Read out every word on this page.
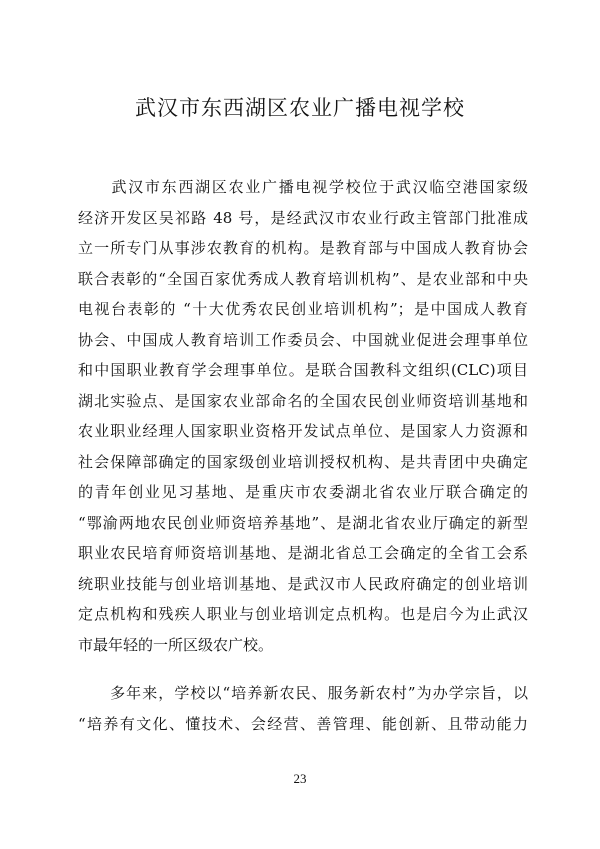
武汉市东西湖区农业广播电视学校
　　武汉市东西湖区农业广播电视学校位于武汉临空港国家级
经济开发区吴祁路 48 号，是经武汉市农业行政主管部门批准成
立一所专门从事涉农教育的机构。是教育部与中国成人教育协会
联合表彰的“全国百家优秀成人教育培训机构”、是农业部和中央
电视台表彰的 “十大优秀农民创业培训机构”；是中国成人教育
协会、中国成人教育培训工作委员会、中国就业促进会理事单位
和中国职业教育学会理事单位。是联合国教科文组织(CLC)项目
湖北实验点、是国家农业部命名的全国农民创业师资培训基地和
农业职业经理人国家职业资格开发试点单位、是国家人力资源和
社会保障部确定的国家级创业培训授权机构、是共青团中央确定
的青年创业见习基地、是重庆市农委湖北省农业厅联合确定的
“鄂渝两地农民创业师资培养基地”、是湖北省农业厅确定的新型
职业农民培育师资培训基地、是湖北省总工会确定的全省工会系
统职业技能与创业培训基地、是武汉市人民政府确定的创业培训
定点机构和残疾人职业与创业培训定点机构。也是启今为止武汉
市最年轻的一所区级农广校。
　　多年来，学校以“培养新农民、服务新农村”为办学宗旨，以
“培养有文化、懂技术、会经营、善管理、能创新、且带动能力
23
